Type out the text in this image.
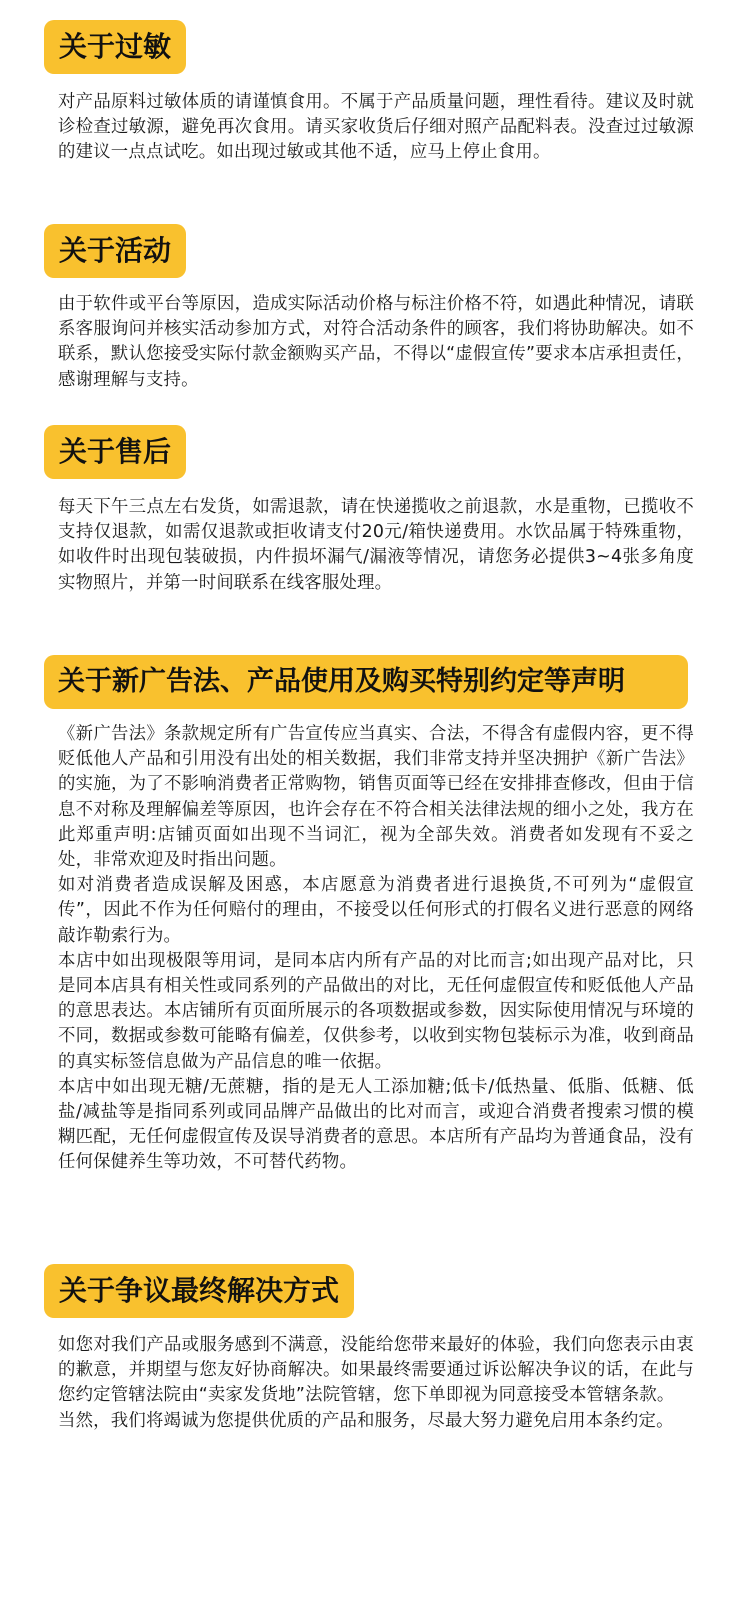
关于过敏

对产品原料过敏体质的请谨慎食用。不属于产品质量问题，理性看待。建议及时就诊检查过敏源，避免再次食用。请买家收货后仔细对照产品配料表。没查过过敏源的建议一点点试吃。如出现过敏或其他不适，应马上停止食用。

关于活动

由于软件或平台等原因，造成实际活动价格与标注价格不符，如遇此种情况，请联系客服询问并核实活动参加方式，对符合活动条件的顾客，我们将协助解决。如不联系，默认您接受实际付款金额购买产品，不得以“虚假宣传”要求本店承担责任，感谢理解与支持。

关于售后

每天下午三点左右发货，如需退款，请在快递揽收之前退款，水是重物，已揽收不支持仅退款，如需仅退款或拒收请支付20元/箱快递费用。水饮品属于特殊重物，如收件时出现包装破损，内件损坏漏气/漏液等情况，请您务必提供3~4张多角度实物照片，并第一时间联系在线客服处理。

关于新广告法、产品使用及购买特别约定等声明

《新广告法》条款规定所有广告宣传应当真实、合法，不得含有虚假内容，更不得贬低他人产品和引用没有出处的相关数据，我们非常支持并坚决拥护《新广告法》的实施，为了不影响消费者正常购物，销售页面等已经在安排排查修改，但由于信息不对称及理解偏差等原因，也许会存在不符合相关法律法规的细小之处，我方在此郑重声明:店铺页面如出现不当词汇，视为全部失效。消费者如发现有不妥之处，非常欢迎及时指出问题。

如对消费者造成误解及困惑，本店愿意为消费者进行退换货,不可列为“虚假宣传”，因此不作为任何赔付的理由，不接受以任何形式的打假名义进行恶意的网络敲诈勒索行为。

本店中如出现极限等用词，是同本店内所有产品的对比而言;如出现产品对比，只是同本店具有相关性或同系列的产品做出的对比，无任何虚假宣传和贬低他人产品的意思表达。本店铺所有页面所展示的各项数据或参数，因实际使用情况与环境的不同，数据或参数可能略有偏差，仅供参考，以收到实物包装标示为准，收到商品的真实标签信息做为产品信息的唯一依据。

本店中如出现无糖/无蔗糖，指的是无人工添加糖;低卡/低热量、低脂、低糖、低盐/减盐等是指同系列或同品牌产品做出的比对而言，或迎合消费者搜索习惯的模糊匹配，无任何虚假宣传及误导消费者的意思。本店所有产品均为普通食品，没有任何保健养生等功效，不可替代药物。

关于争议最终解决方式

如您对我们产品或服务感到不满意，没能给您带来最好的体验，我们向您表示由衷的歉意，并期望与您友好协商解决。如果最终需要通过诉讼解决争议的话，在此与您约定管辖法院由“卖家发货地”法院管辖，您下单即视为同意接受本管辖条款。

当然，我们将竭诚为您提供优质的产品和服务，尽最大努力避免启用本条约定。
